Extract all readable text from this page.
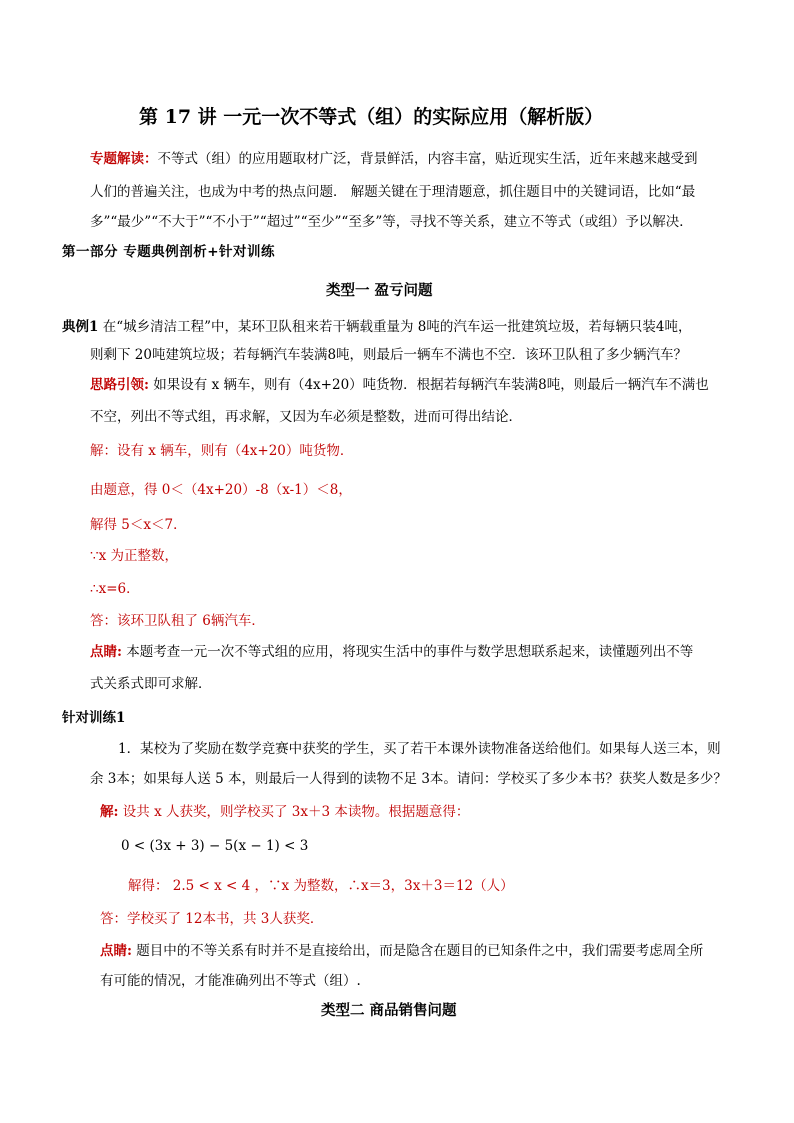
第 17 讲 一元一次不等式（组）的实际应用（解析版）
专题解读：不等式（组）的应用题取材广泛，背景鲜活，内容丰富，贴近现实生活，近年来越来越受到
人们的普遍关注，也成为中考的热点问题． 解题关键在于理清题意，抓住题目中的关键词语，比如“最
多”“最少”“不大于”“不小于”“超过”“至少”“至多”等，寻找不等关系，建立不等式（或组）予以解决．
第一部分 专题典例剖析+针对训练
类型一 盈亏问题
典例1 在“城乡清洁工程”中，某环卫队租来若干辆载重量为 8吨的汽车运一批建筑垃圾，若每辆只装4吨，
则剩下 20吨建筑垃圾；若每辆汽车装满8吨，则最后一辆车不满也不空．该环卫队租了多少辆汽车？
思路引领: 如果设有 x 辆车，则有（4x+20）吨货物．根据若每辆汽车装满8吨，则最后一辆汽车不满也
不空，列出不等式组，再求解，又因为车必须是整数，进而可得出结论．
解：设有 x 辆车，则有（4x+20）吨货物．
由题意，得 0＜（4x+20）-8（x-1）＜8，
解得 5＜x＜7．
∵x 为正整数，
∴x=6．
答：该环卫队租了 6辆汽车．
点睛: 本题考查一元一次不等式组的应用，将现实生活中的事件与数学思想联系起来，读懂题列出不等
式关系式即可求解．
针对训练1
1．某校为了奖励在数学竞赛中获奖的学生，买了若干本课外读物准备送给他们。如果每人送三本，则
余 3本；如果每人送 5 本，则最后一人得到的读物不足 3本。请问：学校买了多少本书？获奖人数是多少？
解: 设共 x 人获奖，则学校买了 3x＋3 本读物。根据题意得：
0 < (3x + 3) − 5(x − 1) < 3
解得： 2.5 < x < 4 ，∵x 为整数，∴x＝3，3x＋3＝12（人）
答：学校买了 12本书，共 3人获奖．
点睛: 题目中的不等关系有时并不是直接给出，而是隐含在题目的已知条件之中，我们需要考虑周全所
有可能的情况，才能准确列出不等式（组）.
类型二 商品销售问题
